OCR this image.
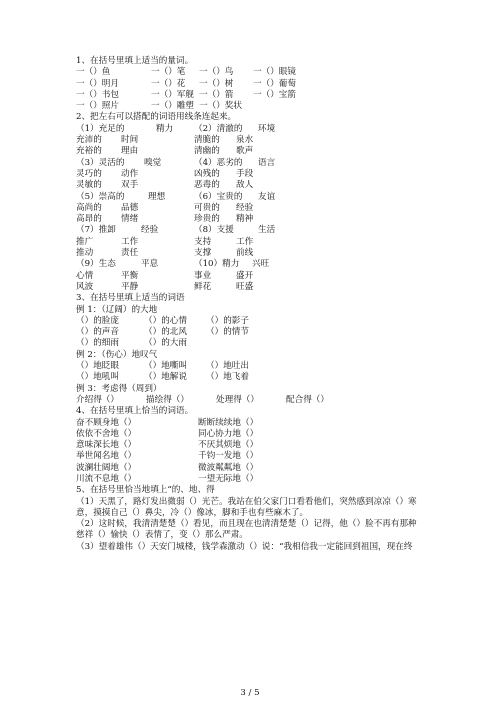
1、在括号里填上适当的量词。
一（）鱼	一（）笔 一（）鸟 一（）眼镜
一（）明月	一（）花 一（）树 一（）葡萄
一（）书包	一（）军舰 一（）箭 一（）宝箭
一（）照片	一（）雕塑 一（）奖状
2、把左右可以搭配的词语用线条连起来。
（1）充足的	精力 （2）清澈的 环境
充沛的 时间	清脆的 泉水
充裕的 理由	清幽的 歌声
（3）灵活的 嗅觉	（4）恶劣的 语言
灵巧的 动作	凶残的 手段
灵敏的 双手	恶毒的 敌人
（5）崇高的	理想	（6）宝贵的 友谊
高尚的 品德	可贵的 经验
高昂的 情绪	珍贵的 精神
（7）推卸	经验	（8）支援	生活
推广	工作	支持	工作
推动	责任	支撑	前线
（9）生态	平息	（10）精力 兴旺
心情	平衡	事业	盛开
风波	平静	鲜花	旺盛
3、在括号里填上适当的词语
例 1：（辽阔）的大地
（）的脸庞	（）的心情 （）的影子
（）的声音	（）的北风 （）的情节
（）的细雨	（）的大雨
例 2：（伤心）地叹气
（）地眨眼	（）地嘶叫 （）地吐出
（）地吼叫	（）地解说 （）地飞着
例 3：考虑得（周到）
介绍得（）	描绘得（）	处理得（）	配合得（）
4、在括号里填上恰当的词语。
奋不顾身地（）	断断续续地（）
依依不舍地（）	同心协力地（）
意味深长地（）	不厌其烦地（）
举世闻名地（）	千钧一发地（）
波澜壮阔地（）	微波粼粼地（）
川流不息地（）	一望无际地（）
5、在括号里恰当地填上“的、地、得
（1）天黑了，路灯发出微弱（）光芒。我站在伯父家门口看看他们，突然感到凉凉（）寒
意，摸摸自己（）鼻尖，冷（）像冰，脚和手也有些麻木了。
（2）这时候，我清清楚楚（）看见，而且现在也清清楚楚（）记得，他（）脸不再有那种
慈祥（）愉快（）表情了，变（）那么严肃。
（3）望着雄伟（）天安门城楼，钱学森激动（）说：“我相信我一定能回到祖国，现在终
3 / 5
